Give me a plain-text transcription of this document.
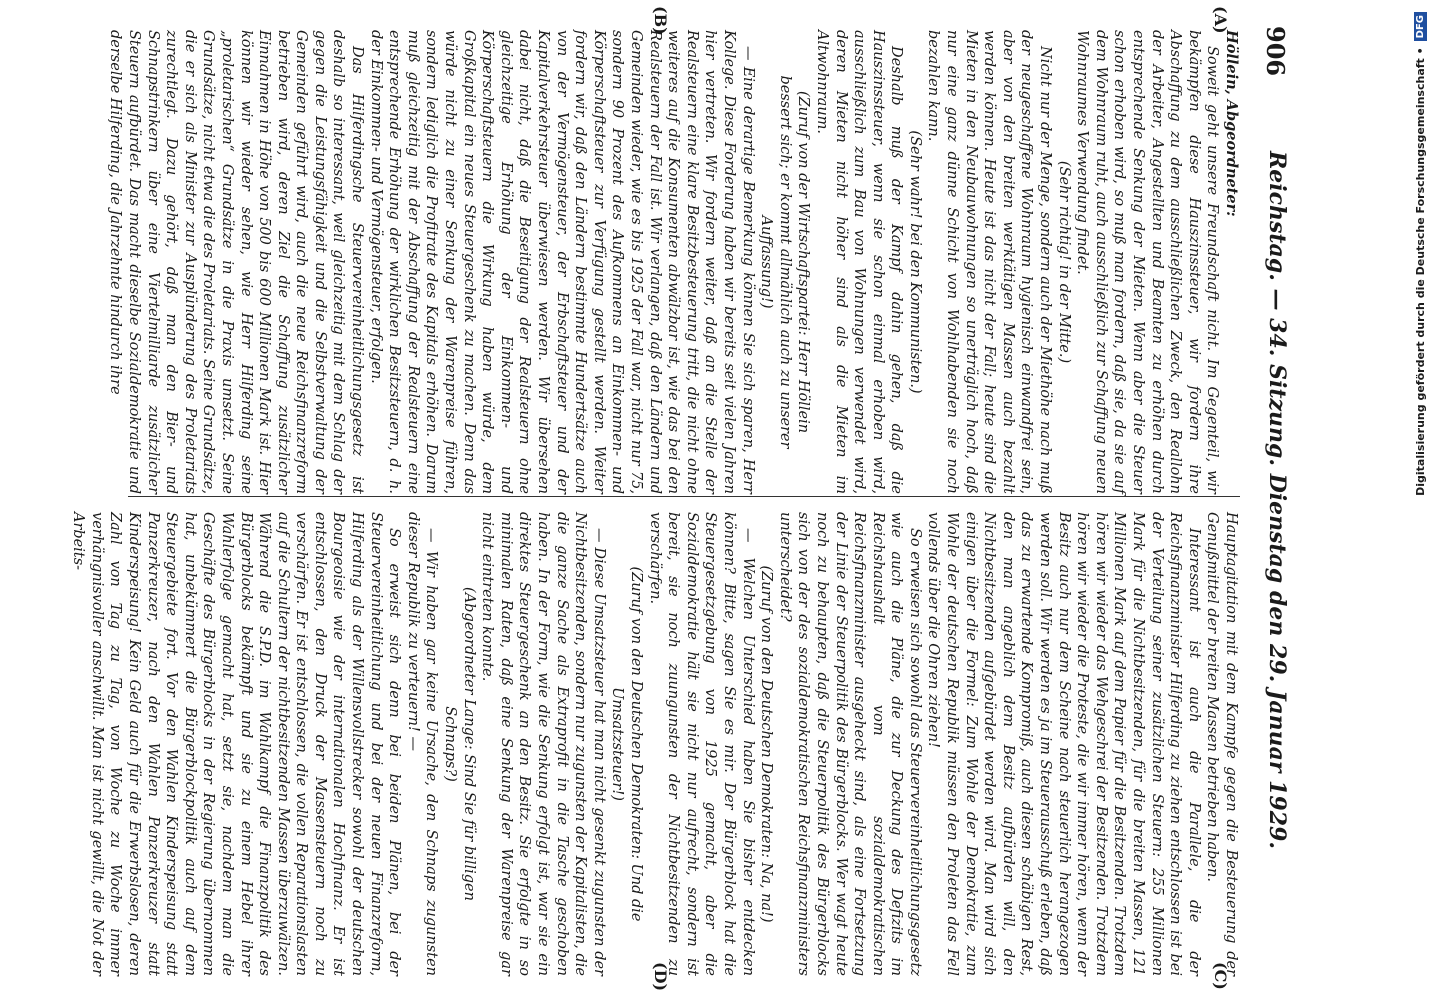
906
Reichstag. — 34. Sitzung. Dienstag den 29. Januar 1929.
(A)
(B)
(C)
(D)

Höllein, Abgeordneter:

Soweit geht unsere Freundschaft nicht. Im Gegenteil, wir bekämpfen diese Hauszinssteuer, wir fordern ihre Abschaffung zu dem ausschließlichen Zweck, den Reallohn der Arbeiter, Angestellten und Beamten zu erhöhen durch entsprechende Senkung der Mieten. Wenn aber die Steuer schon erhoben wird, so muß man fordern, daß sie, da sie auf dem Wohnraum ruht, auch ausschließlich zur Schaffung neuen Wohnraumes Verwendung findet.

(Sehr richtig! in der Mitte.)

Nicht nur der Menge, sondern auch der Miethöhe nach muß der neugeschaffene Wohnraum hygienisch einwandfrei sein, aber von den breiten werktätigen Massen auch bezahlt werden können. Heute ist das nicht der Fall; heute sind die Mieten in den Neubauwohnungen so unerträglich hoch, daß nur eine ganz dünne Schicht von Wohlhabenden sie noch bezahlen kann.

(Sehr wahr! bei den Kommunisten.)

Deshalb muß der Kampf dahin gehen, daß die Hauszinssteuer, wenn sie schon einmal erhoben wird, ausschließlich zum Bau von Wohnungen verwendet wird, deren Mieten nicht höher sind als die Mieten im Altwohnraum.

(Zuruf von der Wirtschaftspartei: Herr Höllein bessert sich; er kommt allmählich auch zu unserer Auffassung!)

— Eine derartige Bemerkung können Sie sich sparen, Herr Kollege. Diese Forderung haben wir bereits seit vielen Jahren hier vertreten. Wir fordern weiter, daß an die Stelle der Realsteuern eine klare Besitzbesteuerung tritt, die nicht ohne weiteres auf die Konsumenten abwälzbar ist, wie das bei den Realsteuern der Fall ist. Wir verlangen, daß den Ländern und Gemeinden wieder, wie es bis 1925 der Fall war, nicht nur 75, sondern 90 Prozent des Aufkommens an Einkommen- und Körperschaftsteuer zur Verfügung gestellt werden. Weiter fordern wir, daß den Ländern bestimmte Hundertsätze auch von der Vermögensteuer, der Erbschaftsteuer und der Kapitalverkehrsteuer überwiesen werden. Wir übersehen dabei nicht, daß die Beseitigung der Realsteuern ohne gleichzeitige Erhöhung der Einkommen- und Körperschaftsteuern die Wirkung haben würde, dem Großkapital ein neues Steuergeschenk zu machen. Denn das würde nicht zu einer Senkung der Warenpreise führen, sondern lediglich die Profitrate des Kapitals erhöhen. Darum muß gleichzeitig mit der Abschaffung der Realsteuern eine entsprechende Erhöhung der wirklichen Besitzsteuern, d. h. der Einkommen- und Vermögensteuer, erfolgen.

Das Hilferdingsche Steuervereinheitlichungsgesetz ist deshalb so interessant, weil gleichzeitig mit dem Schlag der gegen die Leistungsfähigkeit und die Selbstverwaltung der Gemeinden geführt wird, auch die neue Reichsfinanzreform betrieben wird, deren Ziel die Schaffung zusätzlicher Einnahmen in Höhe von 500 bis 600 Millionen Mark ist. Hier können wir wieder sehen, wie Herr Hilferding seine „proletarischen“ Grundsätze in die Praxis umsetzt. Seine Grundsätze, nicht etwa die des Proletariats. Seine Grundsätze, die er sich als Minister zur Ausplünderung des Proletariats zurechtlegt. Dazu gehört, daß man den Bier- und Schnapstrinkern über eine Viertelmilliarde zusätzlicher Steuern aufbürdet. Das macht dieselbe Sozialdemokratie und derselbe Hilferding, die Jahrzehnte hindurch ihre

Hauptagitation mit dem Kampfe gegen die Besteuerung der Genußmittel der breiten Massen betrieben haben.

Interessant ist auch die Parallele, die der Reichsfinanzminister Hilferding zu ziehen entschlossen ist bei der Verteilung seiner zusätzlichen Steuern: 255 Millionen Mark für die Nichtbesitzenden, für die breiten Massen, 121 Millionen Mark auf dem Papier für die Besitzenden. Trotzdem hören wir wieder das Wehgeschrei der Besitzenden. Trotzdem hören wir wieder die Proteste, die wir immer hören, wenn der Besitz auch nur dem Scheine nach steuerlich herangezogen werden soll. Wir werden es ja im Steuerausschuß erleben, daß das zu erwartende Kompromiß, auch diesen schäbigen Rest, den man angeblich dem Besitz aufbürden will, den Nichtbesitzenden aufgebürdet werden wird. Man wird sich einigen über die Formel: Zum Wohle der Demokratie, zum Wohle der deutschen Republik müssen den Proleten das Fell vollends über die Ohren ziehen!

So erweisen sich sowohl das Steuervereinheitlichungsgesetz wie auch die Pläne, die zur Deckung des Defizits im Reichshaushalt vom sozialdemokratischen Reichsfinanzminister ausgeheckt sind, als eine Fortsetzung der Linie der Steuerpolitik des Bürgerblocks. Wer wagt heute noch zu behaupten, daß die Steuerpolitik des Bürgerblocks sich von der des sozialdemokratischen Reichsfinanzministers unterscheidet?

(Zuruf von den Deutschen Demokraten: Na, na!)

— Welchen Unterschied haben Sie bisher entdecken können? Bitte, sagen Sie es mir. Der Bürgerblock hat die Steuergesetzgebung von 1925 gemacht, aber die Sozialdemokratie hält sie nicht nur aufrecht, sondern ist bereit, sie noch zuungunsten der Nichtbesitzenden zu verschärfen.

(Zuruf von den Deutschen Demokraten: Und die Umsatzsteuer!)

— Diese Umsatzsteuer hat man nicht gesenkt zugunsten der Nichtbesitzenden, sondern nur zugunsten der Kapitalisten, die die ganze Sache als Extraprofit in die Tasche geschoben haben. In der Form, wie die Senkung erfolgt ist, war sie ein direktes Steuergeschenk an den Besitz. Sie erfolgte in so minimalen Raten, daß eine Senkung der Warenpreise gar nicht eintreten konnte.

(Abgeordneter Lange: Sind Sie für billigen Schnaps?)

— Wir haben gar keine Ursache, den Schnaps zugunsten dieser Republik zu verteuern! —

So erweist sich denn bei beiden Plänen, bei der Steuervereinheitlichung und bei der neuen Finanzreform, Hilferding als der Willensvollstrecker sowohl der deutschen Bourgeoisie wie der internationalen Hochfinanz. Er ist entschlossen, den Druck der Massensteuern noch zu verschärfen. Er ist entschlossen, die vollen Reparationslasten auf die Schultern der nichtbesitzenden Massen überzuwälzen. Während die S.P.D. im Wahlkampf die Finanzpolitik des Bürgerblocks bekämpft und sie zu einem Hebel ihrer Wahlerfolge gemacht hat, setzt sie, nachdem man die Geschäfte des Bürgerblocks in der Regierung übernommen hat, unbekümmert die Bürgerblockpolitik auch auf dem Steuergebiete fort. Vor den Wahlen Kinderspeisung statt Panzerkreuzer, nach den Wahlen Panzerkreuzer statt Kinderspeisung! Kein Geld auch für die Erwerbslosen, deren Zahl von Tag zu Tag, von Woche zu Woche immer verhängnisvoller anschwillt. Man ist nicht gewillt, die Not der Arbeits-

Digitalisierung gefördert durch die Deutsche Forschungsgemeinschaft •
DFG
